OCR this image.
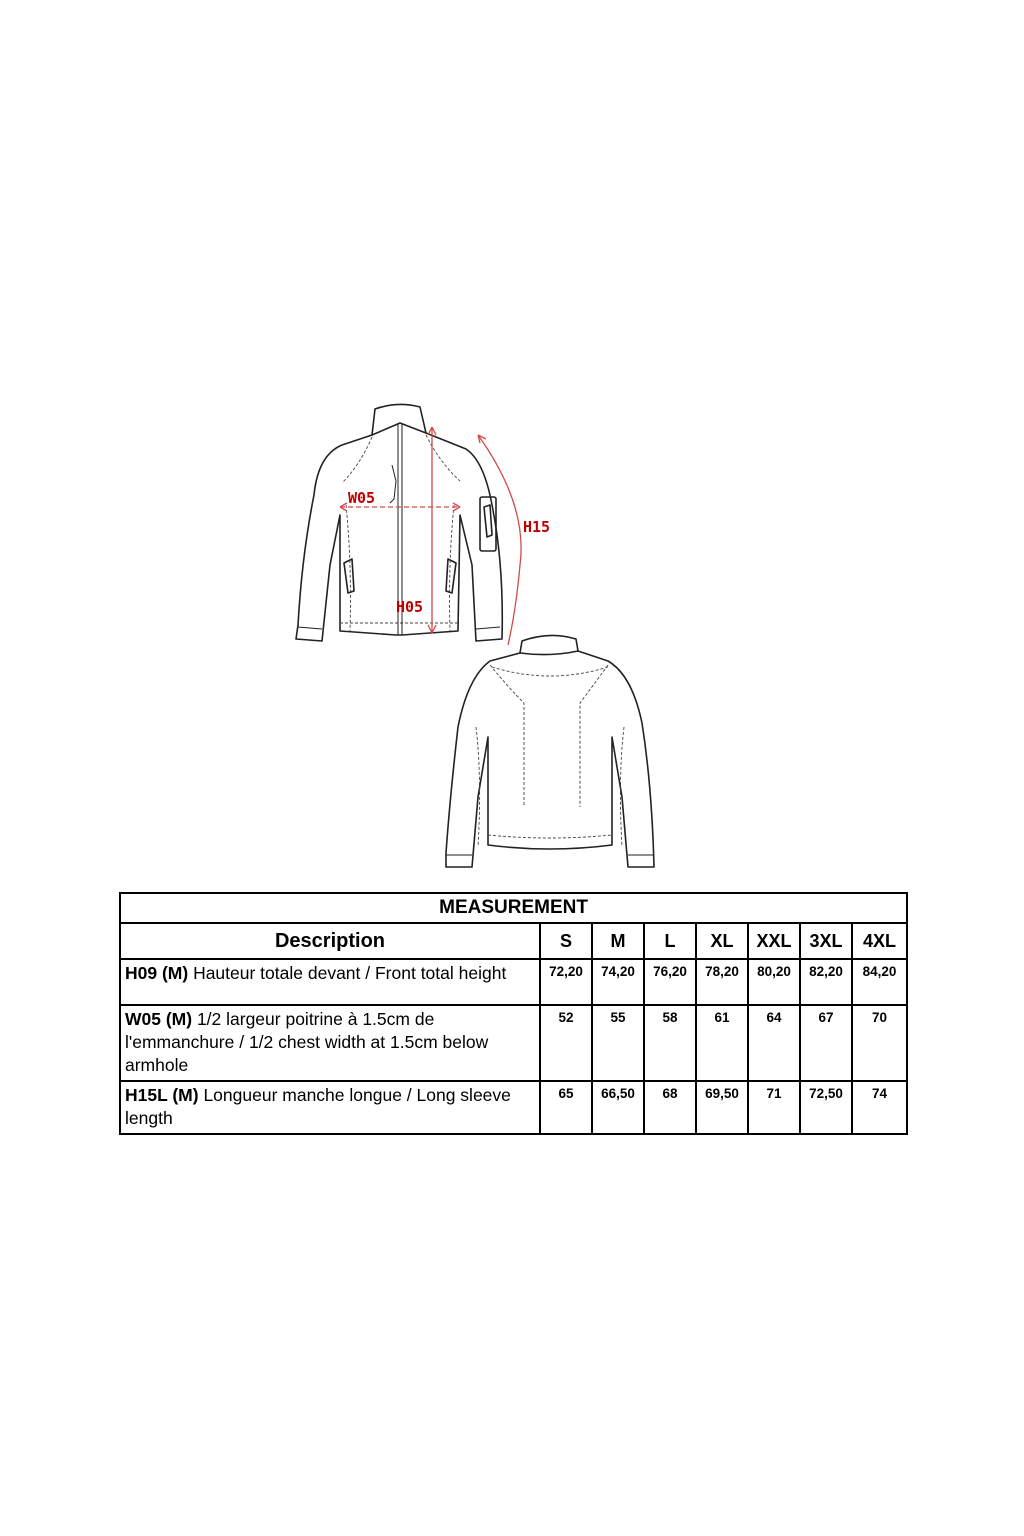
W05
H05
H15
MEASUREMENT							
Description	S	M	L	XL	XXL	3XL	4XL
H09 (M) Hauteur totale devant / Front total height	72,20	74,20	76,20	78,20	80,20	82,20	84,20
W05 (M) 1/2 largeur poitrine à 1.5cm de l'emmanchure / 1/2 chest width at 1.5cm below armhole	52	55	58	61	64	67	70
H15L (M) Longueur manche longue / Long sleeve length	65	66,50	68	69,50	71	72,50	74
